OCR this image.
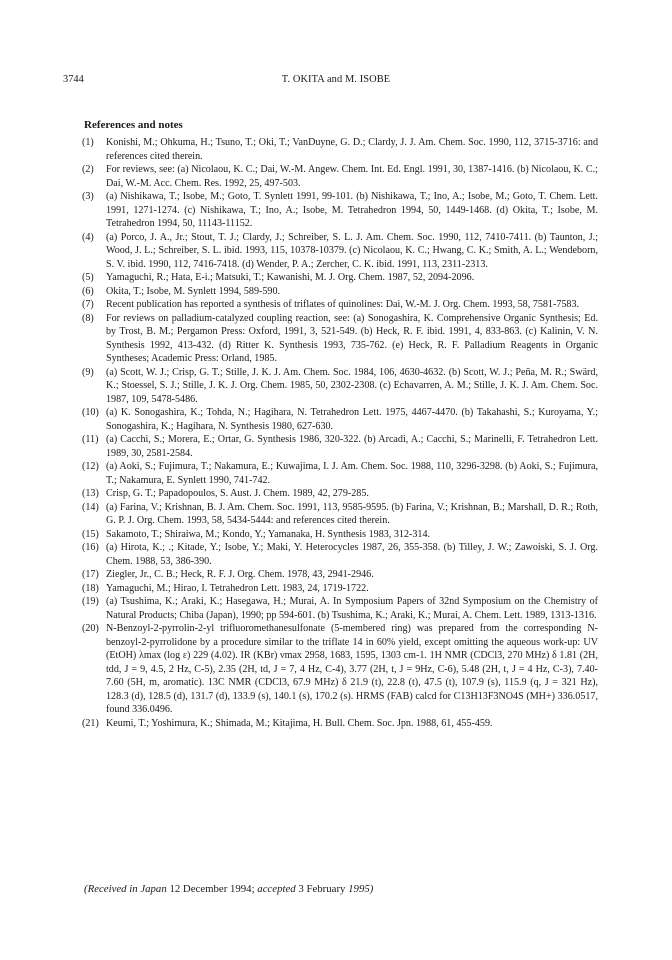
3744	T. OKITA and M. ISOBE
References and notes
(1)	Konishi, M.; Ohkuma, H.; Tsuno, T.; Oki, T.; VanDuyne, G. D.; Clardy, J. J. Am. Chem. Soc. 1990, 112, 3715-3716: and references cited therein.
(2)	For reviews, see: (a) Nicolaou, K. C.; Dai, W.-M. Angew. Chem. Int. Ed. Engl. 1991, 30, 1387-1416. (b) Nicolaou, K. C.; Dai, W.-M. Acc. Chem. Res. 1992, 25, 497-503.
(3)	(a) Nishikawa, T.; Isobe, M.; Goto, T. Synlett 1991, 99-101. (b) Nishikawa, T.; Ino, A.; Isobe, M.; Goto, T. Chem. Lett. 1991, 1271-1274. (c) Nishikawa, T.; Ino, A.; Isobe, M. Tetrahedron 1994, 50, 1449-1468. (d) Okita, T.; Isobe, M. Tetrahedron 1994, 50, 11143-11152.
(4)	(a) Porco, J. A., Jr.; Stout, T. J.; Clardy, J.; Schreiber, S. L. J. Am. Chem. Soc. 1990, 112, 7410-7411. (b) Taunton, J.; Wood, J. L.; Schreiber, S. L. ibid. 1993, 115, 10378-10379. (c) Nicolaou, K. C.; Hwang, C. K.; Smith, A. L.; Wendeborn, S. V. ibid. 1990, 112, 7416-7418. (d) Wender, P. A.; Zercher, C. K. ibid. 1991, 113, 2311-2313.
(5)	Yamaguchi, R.; Hata, E-i.; Matsuki, T.; Kawanishi, M. J. Org. Chem. 1987, 52, 2094-2096.
(6)	Okita, T.; Isobe, M. Synlett 1994, 589-590.
(7)	Recent publication has reported a synthesis of triflates of quinolines: Dai, W.-M. J. Org. Chem. 1993, 58, 7581-7583.
(8)	For reviews on palladium-catalyzed coupling reaction, see: (a) Sonogashira, K. Comprehensive Organic Synthesis; Ed. by Trost, B. M.; Pergamon Press: Oxford, 1991, 3, 521-549. (b) Heck, R. F. ibid. 1991, 4, 833-863. (c) Kalinin, V. N. Synthesis 1992, 413-432. (d) Ritter K. Synthesis 1993, 735-762. (e) Heck, R. F. Palladium Reagents in Organic Syntheses; Academic Press: Orland, 1985.
(9)	(a) Scott, W. J.; Crisp, G. T.; Stille, J. K. J. Am. Chem. Soc. 1984, 106, 4630-4632. (b) Scott, W. J.; Peña, M. R.; Swärd, K.; Stoessel, S. J.; Stille, J. K. J. Org. Chem. 1985, 50, 2302-2308. (c) Echavarren, A. M.; Stille, J. K. J. Am. Chem. Soc. 1987, 109, 5478-5486.
(10) (a) K. Sonogashira, K.; Tohda, N.; Hagihara, N. Tetrahedron Lett. 1975, 4467-4470. (b) Takahashi, S.; Kuroyama, Y.; Sonogashira, K.; Hagihara, N. Synthesis 1980, 627-630.
(11) (a) Cacchi, S.; Morera, E.; Ortar, G. Synthesis 1986, 320-322. (b) Arcadi, A.; Cacchi, S.; Marinelli, F. Tetrahedron Lett. 1989, 30, 2581-2584.
(12) (a) Aoki, S.; Fujimura, T.; Nakamura, E.; Kuwajima, I. J. Am. Chem. Soc. 1988, 110, 3296-3298. (b) Aoki, S.; Fujimura, T.; Nakamura, E. Synlett 1990, 741-742.
(13) Crisp, G. T.; Papadopoulos, S. Aust. J. Chem. 1989, 42, 279-285.
(14) (a) Farina, V.; Krishnan, B. J. Am. Chem. Soc. 1991, 113, 9585-9595. (b) Farina, V.; Krishnan, B.; Marshall, D. R.; Roth, G. P. J. Org. Chem. 1993, 58, 5434-5444: and references cited therein.
(15) Sakamoto, T.; Shiraiwa, M.; Kondo, Y.; Yamanaka, H. Synthesis 1983, 312-314.
(16) (a) Hirota, K.; .; Kitade, Y.; Isobe, Y.; Maki, Y. Heterocycles 1987, 26, 355-358. (b) Tilley, J. W.; Zawoiski, S. J. Org. Chem. 1988, 53, 386-390.
(17) Ziegler, Jr., C. B.; Heck, R. F. J. Org. Chem. 1978, 43, 2941-2946.
(18) Yamaguchi, M.; Hirao, I. Tetrahedron Lett. 1983, 24, 1719-1722.
(19) (a) Tsushima, K.; Araki, K.; Hasegawa, H.; Murai, A. In Symposium Papers of 32nd Symposium on the Chemistry of Natural Products; Chiba (Japan), 1990; pp 594-601. (b) Tsushima, K.; Araki, K.; Murai, A. Chem. Lett. 1989, 1313-1316.
(20) N-Benzoyl-2-pyrrolin-2-yl trifluoromethanesulfonate (5-membered ring) was prepared from the corresponding N-benzoyl-2-pyrrolidone by a procedure similar to the triflate 14 in 60% yield, except omitting the aqueous work-up: UV (EtOH) λmax (log ε) 229 (4.02). IR (KBr) νmax 2958, 1683, 1595, 1303 cm-1. 1H NMR (CDCl3, 270 MHz) δ 1.81 (2H, tdd, J = 9, 4.5, 2 Hz, C-5), 2.35 (2H, td, J = 7, 4 Hz, C-4), 3.77 (2H, t, J = 9Hz, C-6), 5.48 (2H, t, J = 4 Hz, C-3), 7.40-7.60 (5H, m, aromatic). 13C NMR (CDCl3, 67.9 MHz) δ 21.9 (t), 22.8 (t), 47.5 (t), 107.9 (s), 115.9 (q, J = 321 Hz), 128.3 (d), 128.5 (d), 131.7 (d), 133.9 (s), 140.1 (s), 170.2 (s). HRMS (FAB) calcd for C13H13F3NO4S (MH+) 336.0517, found 336.0496.
(21) Keumi, T.; Yoshimura, K.; Shimada, M.; Kitajima, H. Bull. Chem. Soc. Jpn. 1988, 61, 455-459.
(Received in Japan 12 December 1994; accepted 3 February 1995)
